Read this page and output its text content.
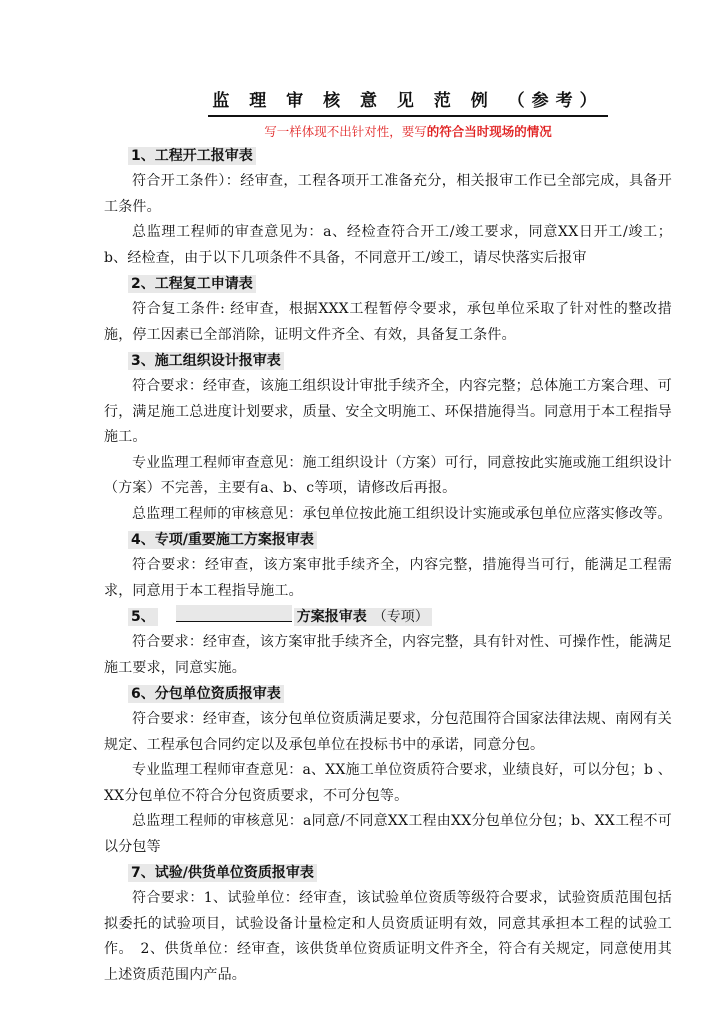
监 理 审 核 意 见 范 例 （参考）
写一样体现不出针对性，要写的符合当时现场的情况
1、工程开工报审表

符合开工条件）：经审查，工程各项开工准备充分，相关报审工作已全部完成，具备开工条件。

总监理工程师的审查意见为：a、经检查符合开工/竣工要求，同意XX日开工/竣工；b、经检查，由于以下几项条件不具备，不同意开工/竣工，请尽快落实后报审

2、工程复工申请表

符合复工条件: 经审查，根据XXX工程暂停令要求，承包单位采取了针对性的整改措施，停工因素已全部消除，证明文件齐全、有效，具备复工条件。

3、施工组织设计报审表

符合要求：经审查，该施工组织设计审批手续齐全，内容完整；总体施工方案合理、可行，满足施工总进度计划要求，质量、安全文明施工、环保措施得当。同意用于本工程指导施工。

专业监理工程师审查意见：施工组织设计（方案）可行，同意按此实施或施工组织设计（方案）不完善，主要有a、b、c等项，请修改后再报。

总监理工程师的审核意见：承包单位按此施工组织设计实施或承包单位应落实修改等。

4、专项/重要施工方案报审表

符合要求：经审查，该方案审批手续齐全，内容完整，措施得当可行，能满足工程需求，同意用于本工程指导施工。

5、	方案报审表 （专项）

符合要求：经审查，该方案审批手续齐全，内容完整，具有针对性、可操作性，能满足施工要求，同意实施。

6、分包单位资质报审表

符合要求：经审查，该分包单位资质满足要求，分包范围符合国家法律法规、南网有关规定、工程承包合同约定以及承包单位在投标书中的承诺，同意分包。

专业监理工程师审查意见：a、XX施工单位资质符合要求，业绩良好，可以分包；b 、XX分包单位不符合分包资质要求，不可分包等。

总监理工程师的审核意见：a同意/不同意XX工程由XX分包单位分包；b、XX工程不可以分包等

7、试验/供货单位资质报审表

符合要求：1、试验单位：经审查，该试验单位资质等级符合要求，试验资质范围包括拟委托的试验项目，试验设备计量检定和人员资质证明有效，同意其承担本工程的试验工作。　2、供货单位：经审查，该供货单位资质证明文件齐全，符合有关规定，同意使用其上述资质范围内产品。
